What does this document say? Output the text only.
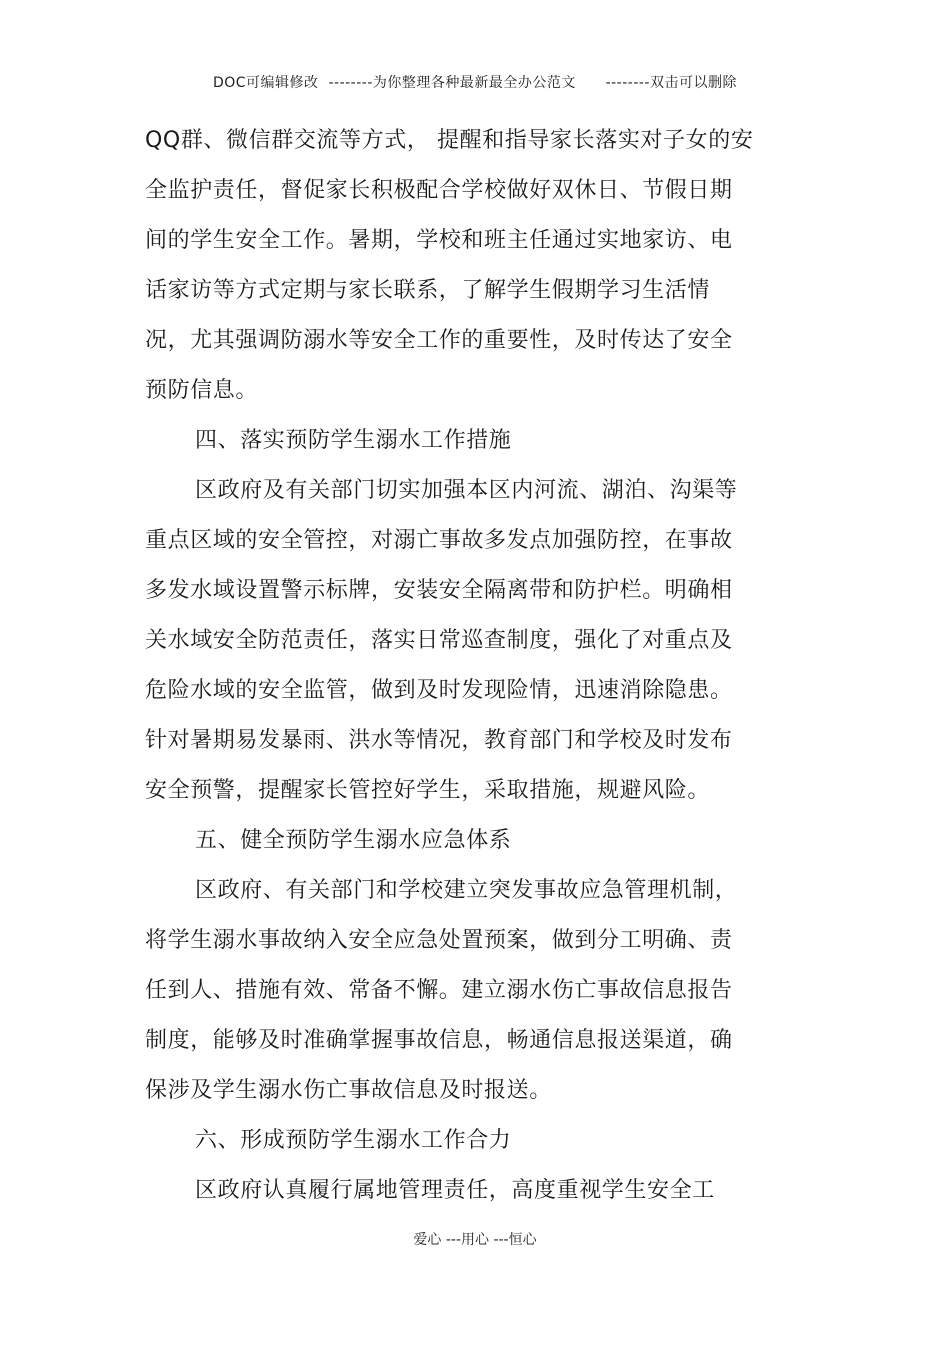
DOC可编辑修改  --------为你整理各种最新最全办公范文      --------双击可以删除
QQ群、微信群交流等方式， 提醒和指导家长落实对子女的安
全监护责任，督促家长积极配合学校做好双休日、节假日期
间的学生安全工作。暑期，学校和班主任通过实地家访、电
话家访等方式定期与家长联系，了解学生假期学习生活情
况，尤其强调防溺水等安全工作的重要性，及时传达了安全
预防信息。
四、落实预防学生溺水工作措施
区政府及有关部门切实加强本区内河流、湖泊、沟渠等
重点区域的安全管控，对溺亡事故多发点加强防控，在事故
多发水域设置警示标牌，安装安全隔离带和防护栏。明确相
关水域安全防范责任，落实日常巡查制度，强化了对重点及
危险水域的安全监管，做到及时发现险情，迅速消除隐患。
针对暑期易发暴雨、洪水等情况，教育部门和学校及时发布
安全预警，提醒家长管控好学生，采取措施，规避风险。
五、健全预防学生溺水应急体系
区政府、有关部门和学校建立突发事故应急管理机制，
将学生溺水事故纳入安全应急处置预案，做到分工明确、责
任到人、措施有效、常备不懈。建立溺水伤亡事故信息报告
制度，能够及时准确掌握事故信息，畅通信息报送渠道，确
保涉及学生溺水伤亡事故信息及时报送。
六、形成预防学生溺水工作合力
区政府认真履行属地管理责任，高度重视学生安全工
爱心 ---用心 ---恒心
